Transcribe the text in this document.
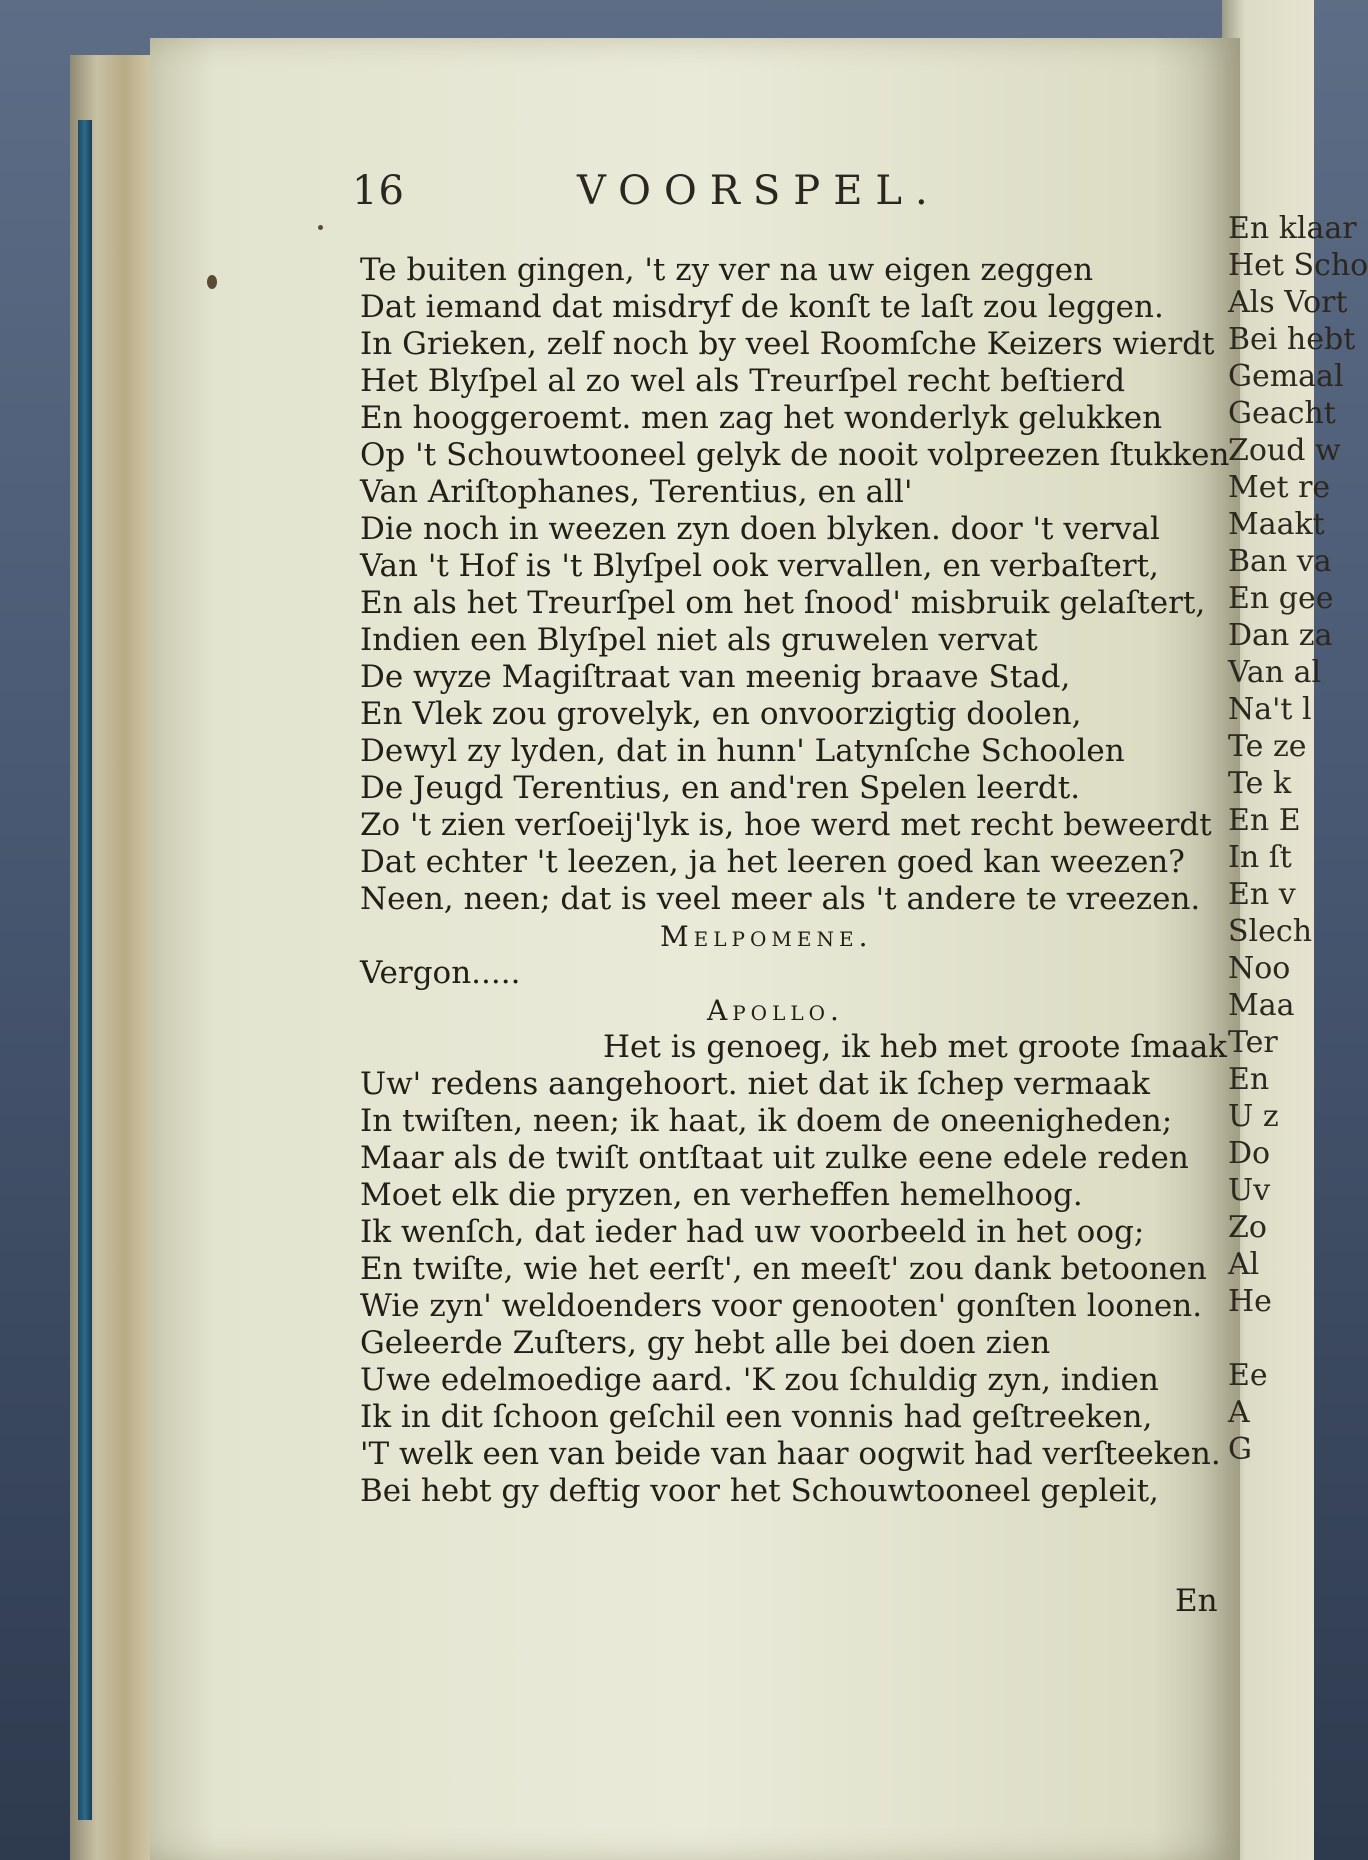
16	VOORSPEL.
Te buiten gingen, 't zy ver na uw eigen zeggen
Dat iemand dat misdryf de konſt te laſt zou leggen.
In Grieken, zelf noch by veel Roomſche Keizers wierdt
Het Blyſpel al zo wel als Treurſpel recht beſtierd
En hooggeroemt. men zag het wonderlyk gelukken
Op 't Schouwtooneel gelyk de nooit volpreezen ſtukken
Van Ariſtophanes, Terentius, en all'
Die noch in weezen zyn doen blyken. door 't verval
Van 't Hof is 't Blyſpel ook vervallen, en verbaſtert,
En als het Treurſpel om het ſnood' misbruik gelaſtert,
Indien een Blyſpel niet als gruwelen vervat
De wyze Magiſtraat van meenig braave Stad,
En Vlek zou grovelyk, en onvoorzigtig doolen,
Dewyl zy lyden, dat in hunn' Latynſche Schoolen
De Jeugd Terentius, en and'ren Spelen leerdt.
Zo 't zien verſoeij'lyk is, hoe werd met recht beweerdt
Dat echter 't leezen, ja het leeren goed kan weezen?
Neen, neen; dat is veel meer als 't andere te vreezen.
Melpomene.
Vergon.....
Apollo.
Het is genoeg, ik heb met groote ſmaak
Uw' redens aangehoort. niet dat ik ſchep vermaak
In twiſten, neen; ik haat, ik doem de oneenigheden;
Maar als de twiſt ontſtaat uit zulke eene edele reden
Moet elk die pryzen, en verheffen hemelhoog.
Ik wenſch, dat ieder had uw voorbeeld in het oog;
En twiſte, wie het eerſt', en meeſt' zou dank betoonen
Wie zyn' weldoenders voor genooten' gonſten loonen.
Geleerde Zuſters, gy hebt alle bei doen zien
Uwe edelmoedige aard. 'K zou ſchuldig zyn, indien
Ik in dit ſchoon geſchil een vonnis had geſtreeken,
'T welk een van beide van haar oogwit had verſteeken.
Bei hebt gy deftig voor het Schouwtooneel gepleit,
En
En klaar
Het Scho
Als Vort
Bei hebt
Gemaal
Geacht
Zoud w
Met re
Maakt
Ban va
En gee
Dan za
Van al
Na't l
Te ze
Te k
En E
In ſt
En v
Slech
Noo
Maa
Ter
En
U z
Do
Uv
Zo
Al
He
Ee
A
G
